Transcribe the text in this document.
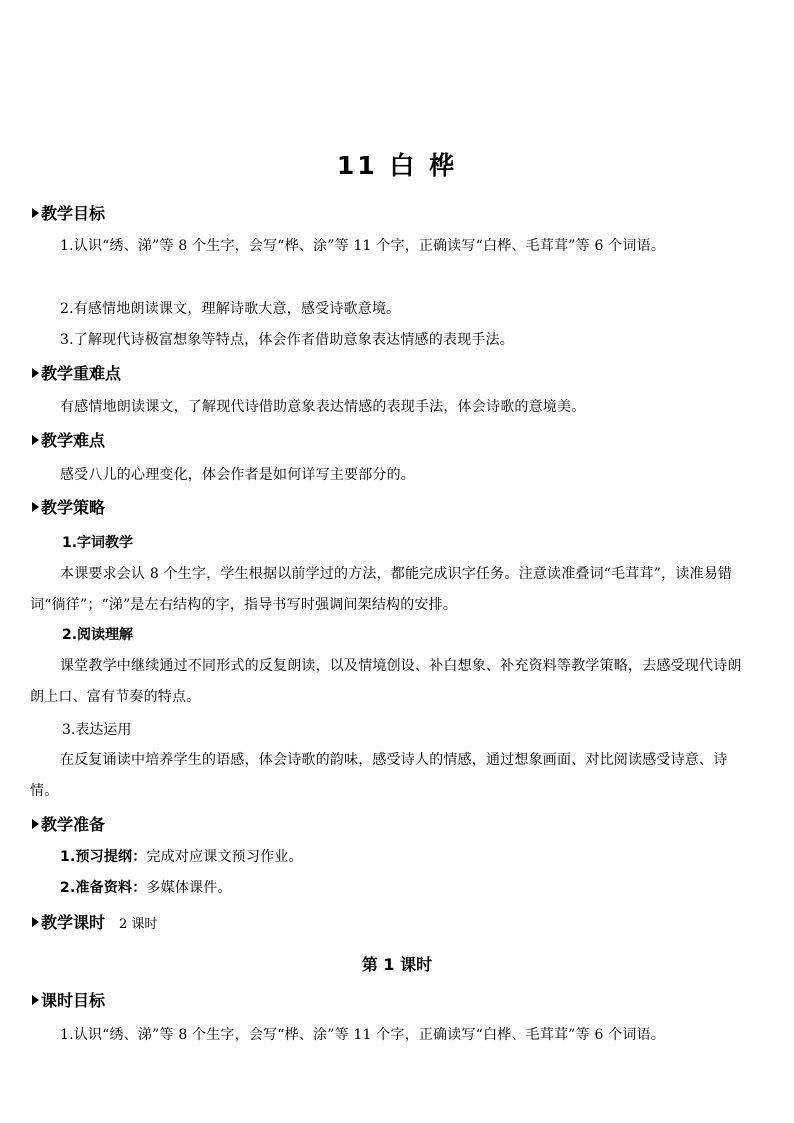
11 白 桦
教学目标
1.认识“绣、涕”等 8 个生字，会写“桦、涂”等 11 个字，正确读写“白桦、毛茸茸”等 6 个词语。
2.有感情地朗读课文，理解诗歌大意，感受诗歌意境。
3.了解现代诗极富想象等特点，体会作者借助意象表达情感的表现手法。
教学重难点
有感情地朗读课文，了解现代诗借助意象表达情感的表现手法，体会诗歌的意境美。
教学难点
感受八儿的心理变化，体会作者是如何详写主要部分的。
教学策略
1.字词教学
本课要求会认 8 个生字，学生根据以前学过的方法，都能完成识字任务。注意读准叠词“毛茸茸”，读准易错词“徜徉”；“涕”是左右结构的字，指导书写时强调间架结构的安排。
2.阅读理解
课堂教学中继续通过不同形式的反复朗读，以及情境创设、补白想象、补充资料等教学策略，去感受现代诗朗朗上口、富有节奏的特点。
3.表达运用
在反复诵读中培养学生的语感，体会诗歌的韵味，感受诗人的情感，通过想象画面、对比阅读感受诗意、诗情。
教学准备
1.预习提纲：完成对应课文预习作业。
2.准备资料：多媒体课件。
教学课时 2 课时
第 1 课时
课时目标
1.认识“绣、涕”等 8 个生字，会写“桦、涂”等 11 个字，正确读写“白桦、毛茸茸”等 6 个词语。
